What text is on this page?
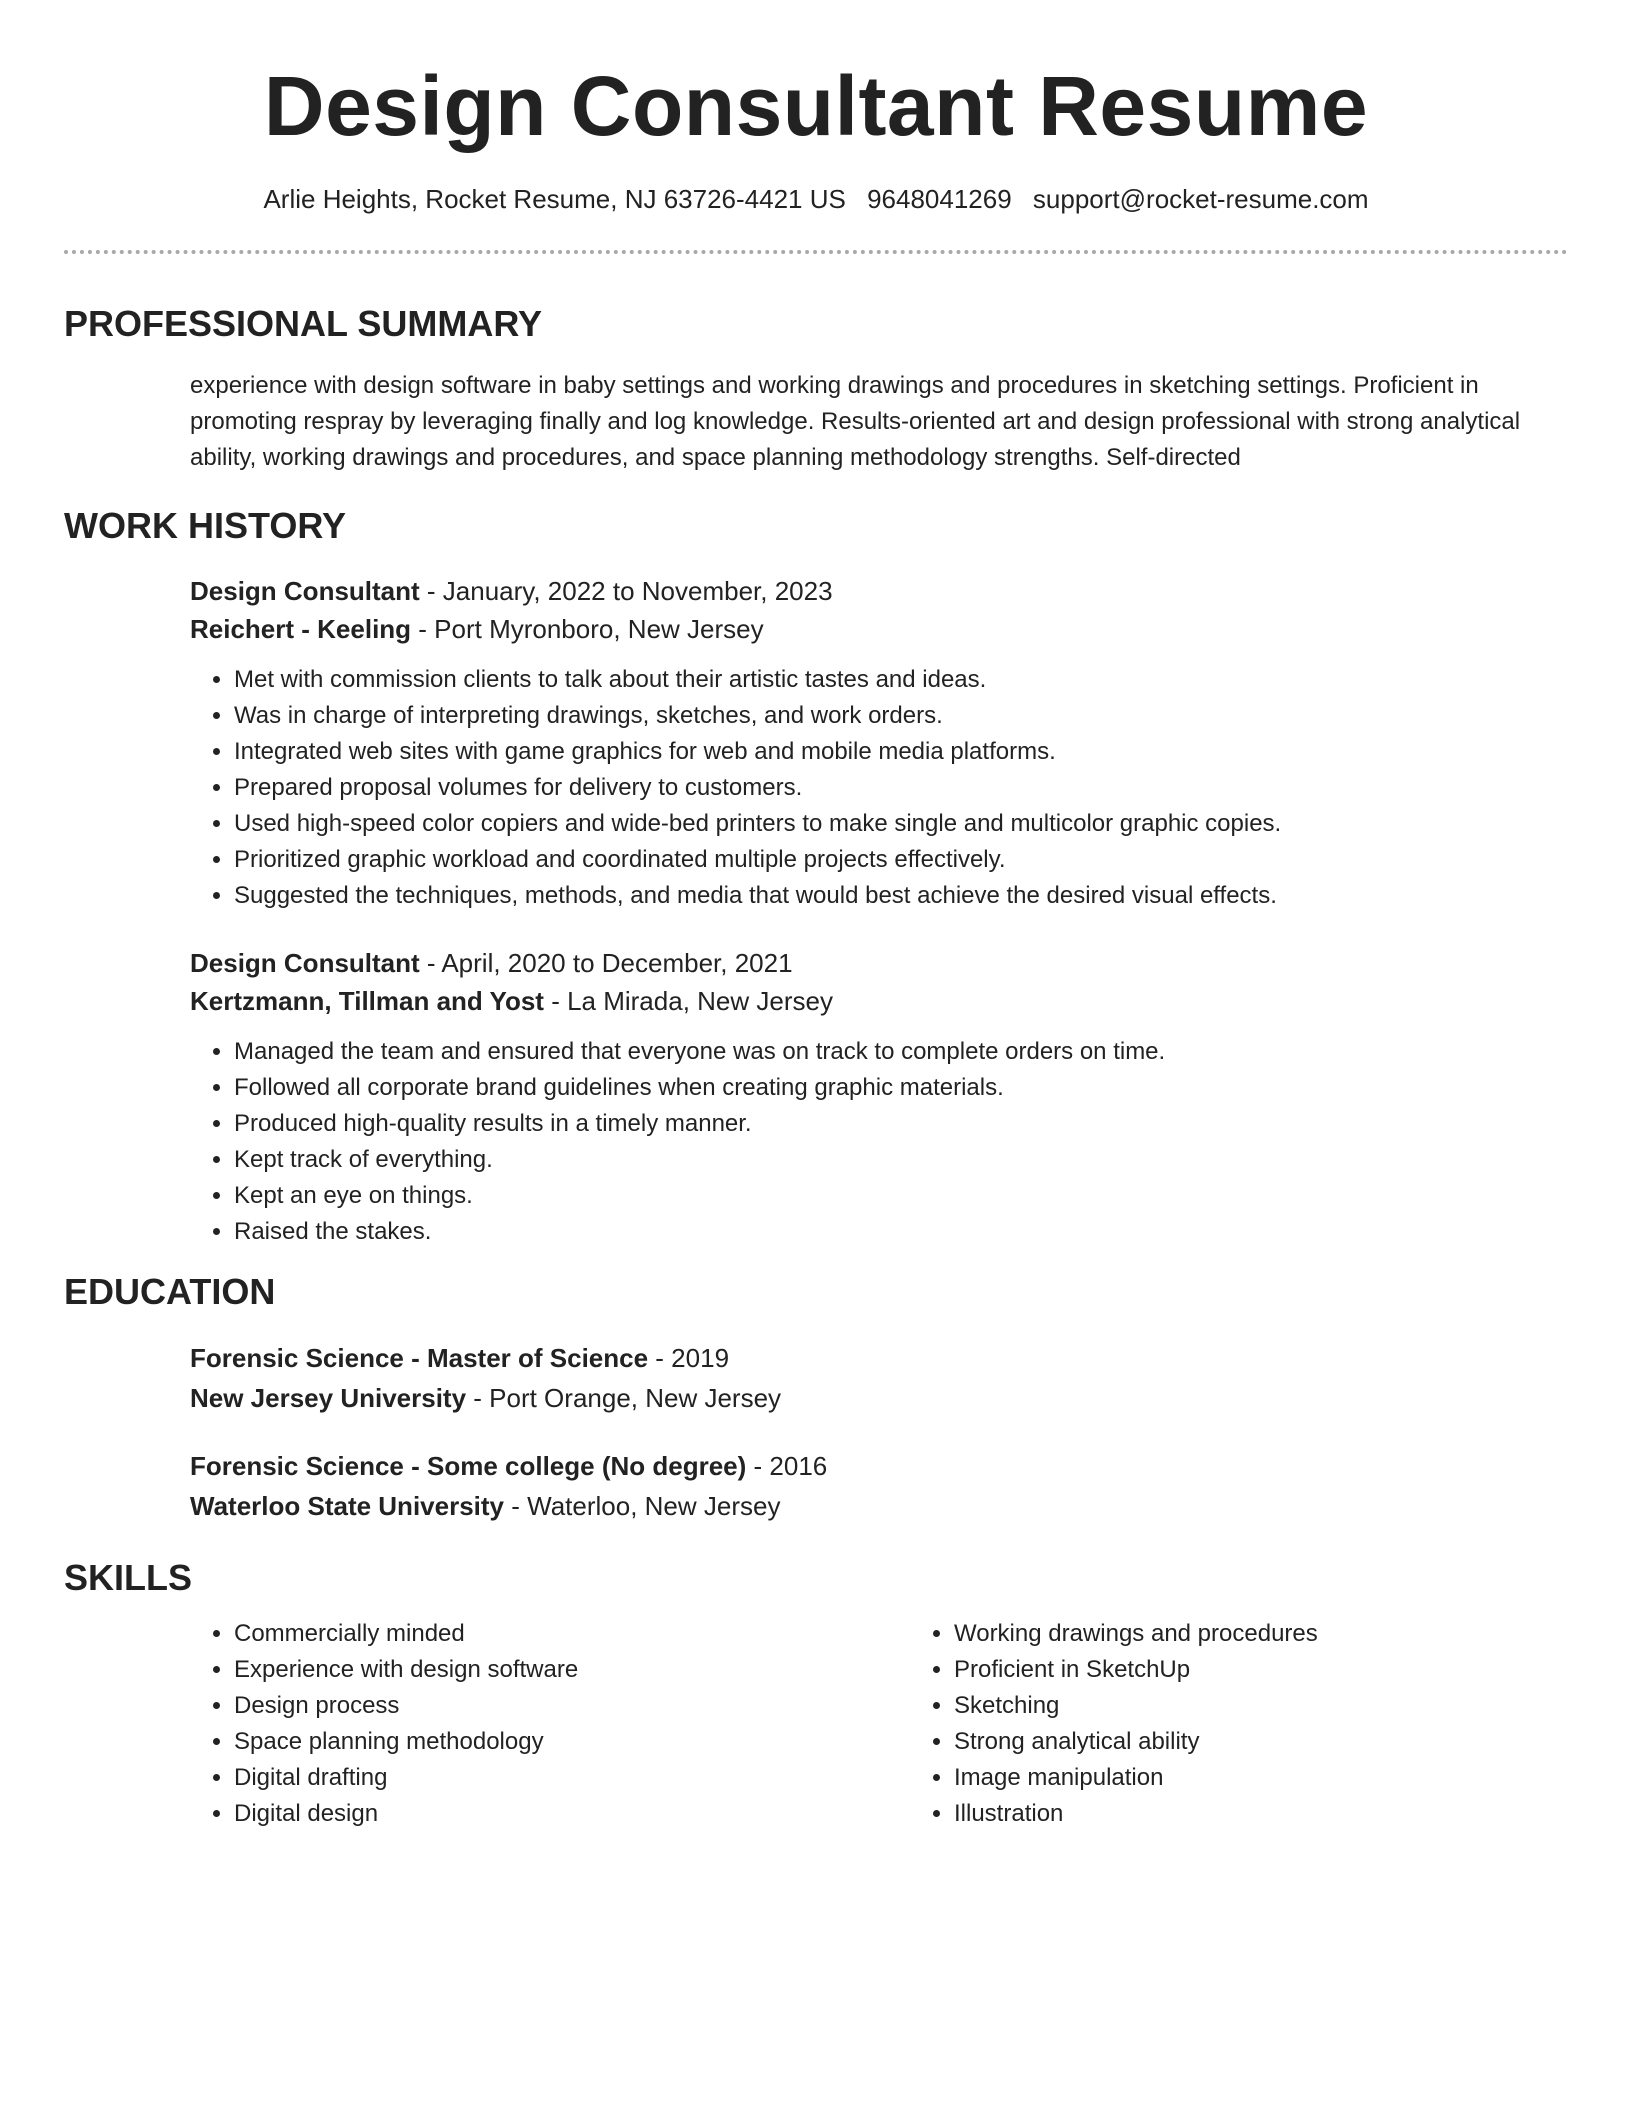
Design Consultant Resume
Arlie Heights, Rocket Resume, NJ 63726-4421 US 9648041269 support@rocket-resume.com
PROFESSIONAL SUMMARY

experience with design software in baby settings and working drawings and procedures in sketching settings. Proficient in promoting respray by leveraging finally and log knowledge. Results-oriented art and design professional with strong analytical ability, working drawings and procedures, and space planning methodology strengths. Self-directed

WORK HISTORY
Design Consultant - January, 2022 to November, 2023
Reichert - Keeling - Port Myronboro, New Jersey
• Met with commission clients to talk about their artistic tastes and ideas.
• Was in charge of interpreting drawings, sketches, and work orders.
• Integrated web sites with game graphics for web and mobile media platforms.
• Prepared proposal volumes for delivery to customers.
• Used high-speed color copiers and wide-bed printers to make single and multicolor graphic copies.
• Prioritized graphic workload and coordinated multiple projects effectively.
• Suggested the techniques, methods, and media that would best achieve the desired visual effects.
Design Consultant - April, 2020 to December, 2021
Kertzmann, Tillman and Yost - La Mirada, New Jersey
• Managed the team and ensured that everyone was on track to complete orders on time.
• Followed all corporate brand guidelines when creating graphic materials.
• Produced high-quality results in a timely manner.
• Kept track of everything.
• Kept an eye on things.
• Raised the stakes.
EDUCATION
Forensic Science - Master of Science - 2019
New Jersey University - Port Orange, New Jersey
Forensic Science - Some college (No degree) - 2016
Waterloo State University - Waterloo, New Jersey
SKILLS
• Commercially minded
• Experience with design software
• Design process
• Space planning methodology
• Digital drafting
• Digital design
• Working drawings and procedures
• Proficient in SketchUp
• Sketching
• Strong analytical ability
• Image manipulation
• Illustration
